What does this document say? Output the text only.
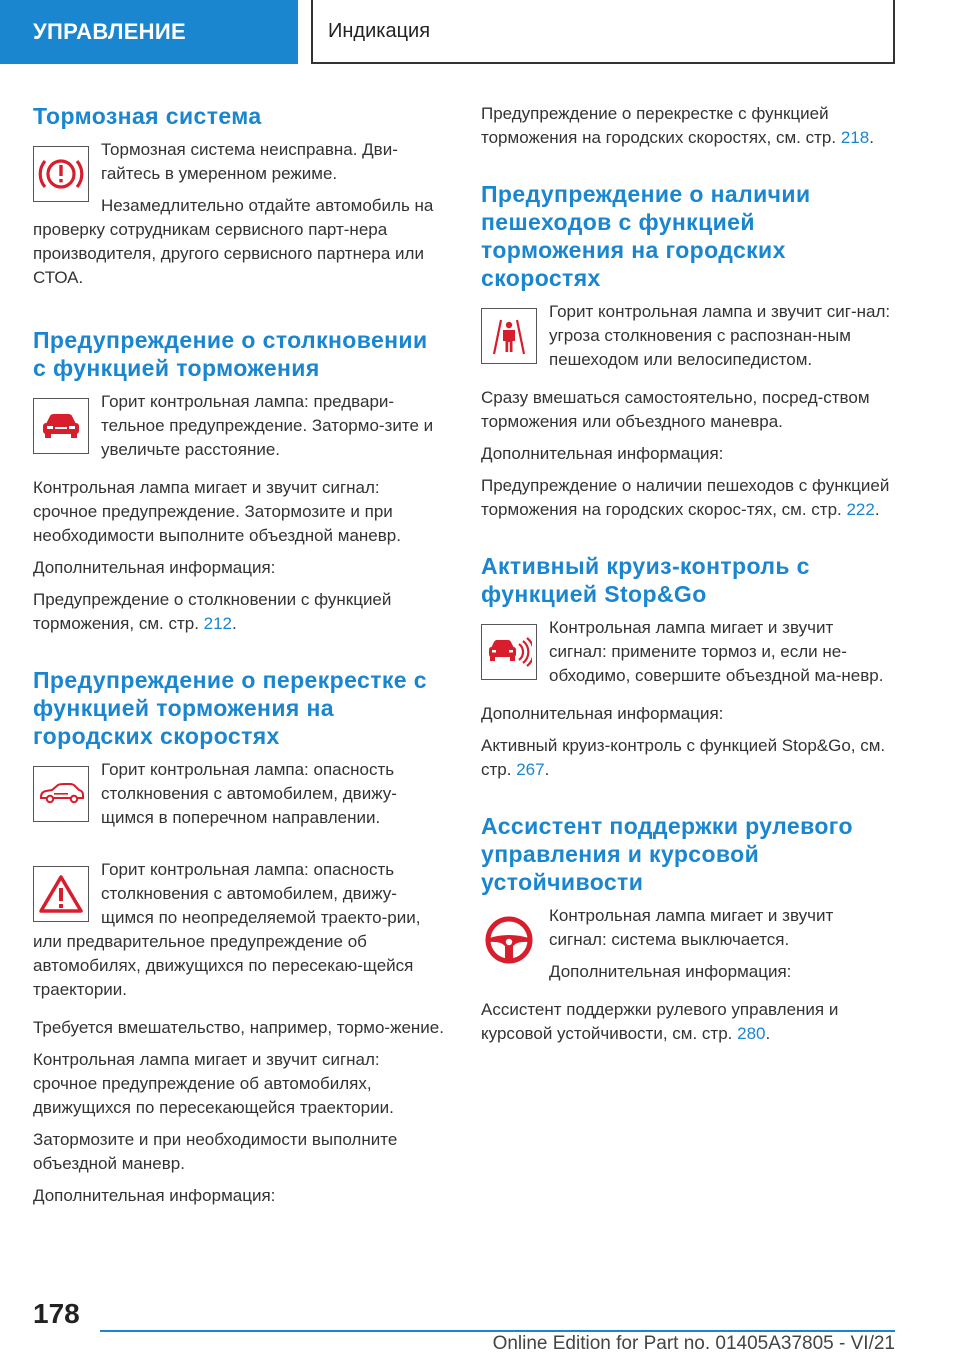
УПРАВЛЕНИЕ	Индикация
Тормозная система

Тормозная система неисправна. Дви-гайтесь в умеренном режиме.

Незамедлительно отдайте автомобиль на проверку сотрудникам сервисного парт-нера производителя, другого сервисного партнера или СТОА.

Предупреждение о столкновении с функцией торможения

Горит контрольная лампа: предвари-тельное предупреждение. Затормо-зите и увеличьте расстояние.

Контрольная лампа мигает и звучит сигнал: срочное предупреждение. Затормозите и при необходимости выполните объездной маневр.

Дополнительная информация:

Предупреждение о столкновении с функцией торможения, см. стр. 212.

Предупреждение о перекрестке с функцией торможения на городских скоростях

Горит контрольная лампа: опасность столкновения с автомобилем, движу-щимся в поперечном направлении.

Горит контрольная лампа: опасность столкновения с автомобилем, движу-щимся по неопределяемой траекто-рии, или предварительное предупреждение об автомобилях, движущихся по пересекаю-щейся траектории.

Требуется вмешательство, например, тормо-жение.

Контрольная лампа мигает и звучит сигнал: срочное предупреждение об автомобилях, движущихся по пересекающейся траектории.

Затормозите и при необходимости выполните объездной маневр.

Дополнительная информация:

Предупреждение о перекрестке с функцией торможения на городских скоростях, см. стр. 218.

Предупреждение о наличии пешеходов с функцией торможения на городских скоростях

Горит контрольная лампа и звучит сиг-нал: угроза столкновения с распознан-ным пешеходом или велосипедистом.

Сразу вмешаться самостоятельно, посред-ством торможения или объездного маневра.

Дополнительная информация:

Предупреждение о наличии пешеходов с функцией торможения на городских скорос-тях, см. стр. 222.

Активный круиз-контроль с функцией Stop&Go

Контрольная лампа мигает и звучит сигнал: примените тормоз и, если не-обходимо, совершите объездной ма-невр.

Дополнительная информация:

Активный круиз-контроль с функцией Stop&Go, см. стр. 267.

Ассистент поддержки рулевого управления и курсовой устойчивости

Контрольная лампа мигает и звучит сигнал: система выключается.

Дополнительная информация:

Ассистент поддержки рулевого управления и курсовой устойчивости, см. стр. 280.

178
Online Edition for Part no. 01405A37805 - VI/21
